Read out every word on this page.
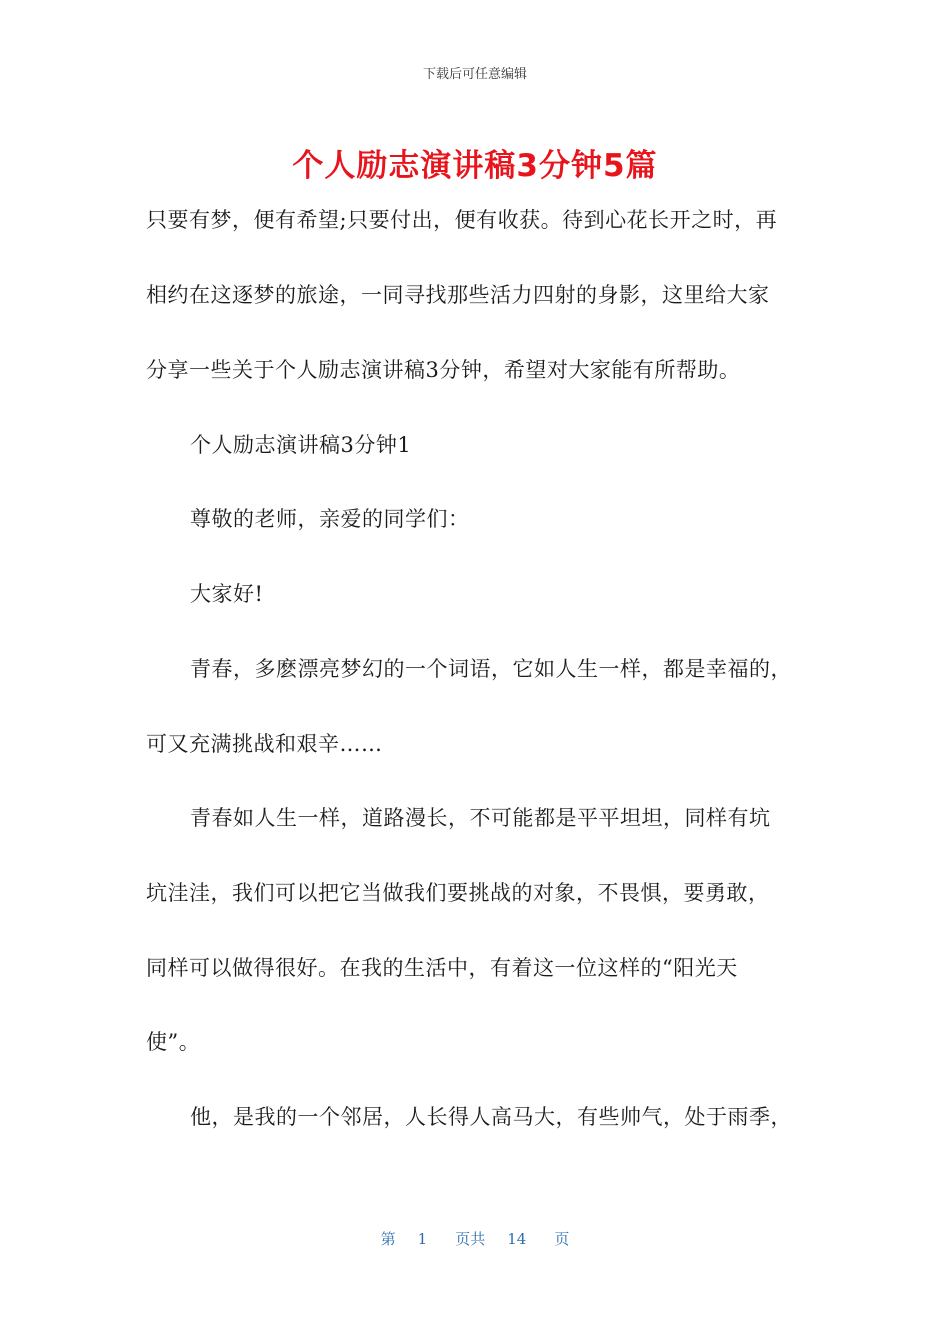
下载后可任意编辑
个人励志演讲稿3分钟5篇
只要有梦，便有希望;只要付出，便有收获。待到心花长开之时，再
相约在这逐梦的旅途，一同寻找那些活力四射的身影，这里给大家
分享一些关于个人励志演讲稿3分钟，希望对大家能有所帮助。
个人励志演讲稿3分钟1
尊敬的老师，亲爱的同学们：
大家好!
青春，多麽漂亮梦幻的一个词语，它如人生一样，都是幸福的，
可又充满挑战和艰辛……
青春如人生一样，道路漫长，不可能都是平平坦坦，同样有坑
坑洼洼，我们可以把它当做我们要挑战的对象，不畏惧，要勇敢，
同样可以做得很好。在我的生活中，有着这一位这样的“阳光天
使”。
他，是我的一个邻居，人长得人高马大，有些帅气，处于雨季，
第 1 页共 14 页
